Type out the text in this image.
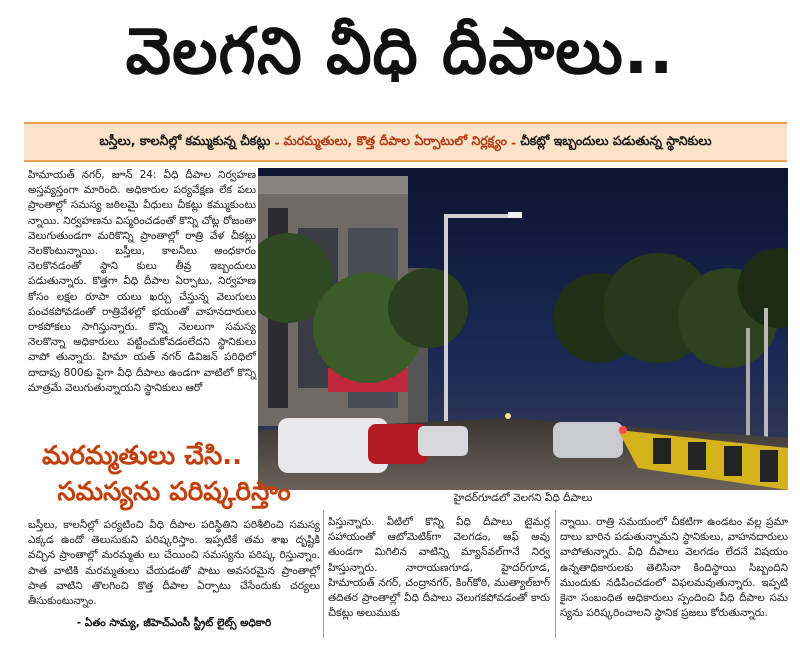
వెలగని వీధి దీపాలు..
బస్తీలు, కాలనీల్లో కమ్ముకున్న చీకట్లు - మరమ్మతులు, కొత్త దీపాల ఏర్పాటులో నిర్లక్ష్యం - చీకట్లో ఇబ్బందులు పడుతున్న స్థానికులు
హిమాయత్ నగర్, జూన్ 24: వీధి దీపాల నిర్వహణ అస్తవ్యస్తంగా మారింది. అధికారుల పర్యవేక్షణ లేక పలు ప్రాంతాల్లో సమస్య జఠిలమై వీధులు చీకట్లు కమ్ముకుంటు న్నాయి. నిర్వహణను విస్మరించడంతో కొన్ని చోట్ల రోజంతా వెలుగుతుండగా మరికొన్ని ప్రాంతాల్లో రాత్రి వేళ చీకట్లు నెలకొంటున్నాయి. బస్తీలు, కాలనీలు అంధకారం నెలకొనడంతో స్థాని కులు తీవ్ర ఇబ్బందులు పడుతున్నారు. కొత్తగా వీధి దీపాల ఏర్పాటు, నిర్వహణ కోసం లక్షల రూపా యలు ఖర్చు చేస్తున్న వెలుగులు పంచకపోవడంతో రాత్రివేళల్లో భయంతో వాహనదారులు రాకపోకలు సాగిస్తున్నారు. కొన్ని నెలలుగా సమస్య నెలకొన్నా అధికారులు పట్టించుకోవడంలేదని స్థానికులు వాపో తున్నారు. హిమా యత్ నగర్ డివిజన్ పరిధిలో దాదాపు 800కు పైగా వీధి దీపాలు ఉండగా వాటిలో కొన్ని మాత్రమే వెలుగుతున్నాయని స్థానికులు ఆరో
హైదర్‌గూడలో వెలగని వీధి దీపాలు
మరమ్మతులు చేసి..
సమస్యను పరిష్కరిస్తాం
బస్తీలు, కాలనీల్లో పర్యటించి వీధి దీపాల పరిస్థితిని పరిశీలించి సమస్య ఎక్కడ ఉందో తెలుసుకుని పరిష్కరిస్తాం. ఇప్పటికే తమ శాఖ దృష్టికి వచ్చిన ప్రాంతాల్లో మరమ్మతు లు చేయించి సమస్యను పరిష్క రిస్తున్నాం. పాత వాటికి మరమ్మతులు చేయడంతో పాటు అవసరమైన ప్రాంతాల్లో పాత వాటిని తొలగించి కొత్త దీపాల ఏర్పాటు చేసేందుకు చర్యలు తీసుకుంటున్నాం.
- ఏతం సామ్య, జీహెచ్ఎంసీ స్ట్రీట్ లైట్స్ అధికారి
పిస్తున్నారు. వీటిలో కొన్ని వీధి దీపాలు టైమర్ల సహాయంతో ఆటోమెటిక్‌గా వెలగడం, ఆఫ్ అవు తుండగా మిగిలిన వాటిన్ని మ్యాన్‌వల్‌గానే నిర్వ హిస్తున్నారు. నారాయణగూడ, హైదర్‌గూడ, హిమాయత్ నగర్, చంద్రానగర్, కింగ్‌కోఠి, ముత్యాల్‌బాగ్ తదితర ప్రాంతాల్లో వీధి దీపాలు వెలుగకపోవడంతో కారు చీకట్లు అలుముకు
న్నాయి. రాత్రి సమయంలో చీకటిగా ఉండటం వల్ల ప్రమా దాలు బారిన పడుతున్నామని స్థానికులు, వాహనదారులు వాపోతున్నారు. వీధి దీపాలు వెలగడం లేదనే విషయం ఉన్నతాధికారులకు తెలిసినా కిందిస్థాయి సిబ్బందిని ముందుకు నడిపించడంలో విఫలమవుతున్నారు. ఇప్పటి కైనా సంబంధిత అధికారులు స్పందించి వీధి దీపాల సమ స్యను పరిష్కరించాలని స్థానిక ప్రజలు కోరుతున్నారు.
